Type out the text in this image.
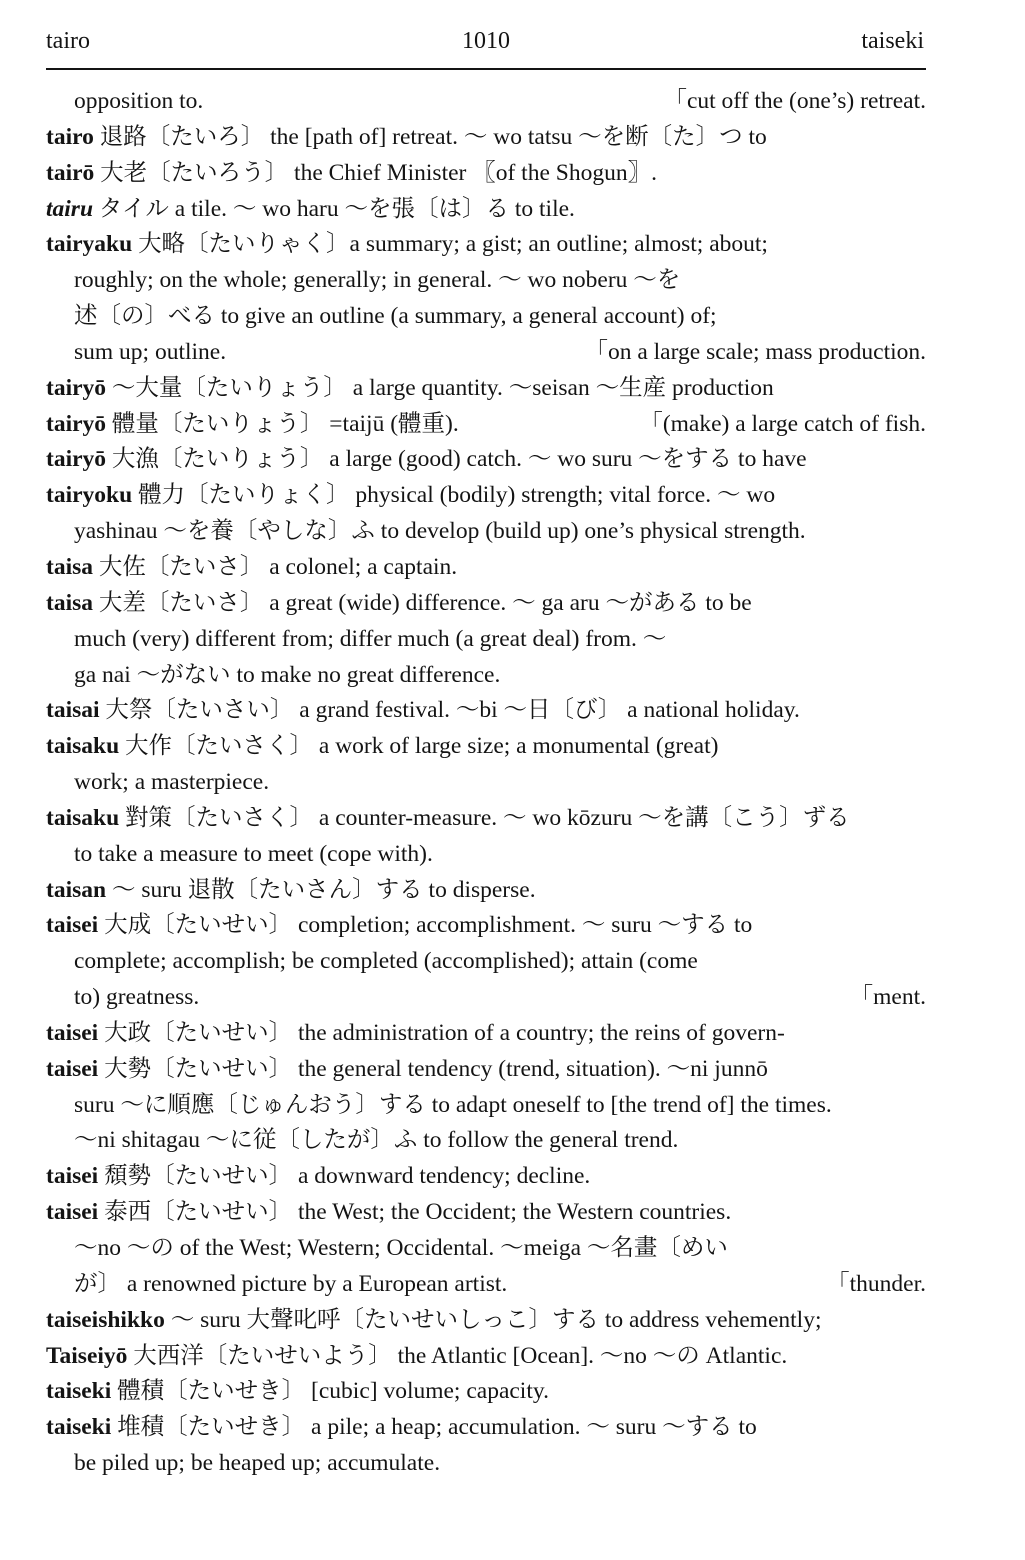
tairo	1010	taiseki
opposition to.	「cut off the (one’s) retreat.
tairo 退路〔たいろ〕 the [path of] retreat. 〜 wo tatsu 〜を断〔た〕つ to
tairō 大老〔たいろう〕 the Chief Minister 〖of the Shogun〗.
tairu タイル a tile. 〜 wo haru 〜を張〔は〕る to tile.
tairyaku 大略〔たいりゃく〕a summary; a gist; an outline; almost; about;
roughly; on the whole; generally; in general. 〜 wo noberu 〜を
述〔の〕べる to give an outline (a summary, a general account) of;
sum up; outline.	「on a large scale; mass production.
tairyō 〜大量〔たいりょう〕 a large quantity. 〜seisan 〜生産 production
tairyō 體量〔たいりょう〕 =taijū (體重).	「(make) a large catch of fish.
tairyō 大漁〔たいりょう〕 a large (good) catch. 〜 wo suru 〜をする to have
tairyoku 體力〔たいりょく〕 physical (bodily) strength; vital force. 〜 wo
yashinau 〜を養〔やしな〕ふ to develop (build up) one’s physical strength.
taisa 大佐〔たいさ〕 a colonel; a captain.
taisa 大差〔たいさ〕 a great (wide) difference. 〜 ga aru 〜がある to be
much (very) different from; differ much (a great deal) from. 〜
ga nai 〜がない to make no great difference.
taisai 大祭〔たいさい〕 a grand festival. 〜bi 〜日〔び〕 a national holiday.
taisaku 大作〔たいさく〕 a work of large size; a monumental (great)
work; a masterpiece.
taisaku 對策〔たいさく〕 a counter-measure. 〜 wo kōzuru 〜を講〔こう〕ずる
to take a measure to meet (cope with).
taisan 〜 suru 退散〔たいさん〕する to disperse.
taisei 大成〔たいせい〕 completion; accomplishment. 〜 suru 〜する to
complete; accomplish; be completed (accomplished); attain (come
to) greatness.	「ment.
taisei 大政〔たいせい〕 the administration of a country; the reins of govern-
taisei 大勢〔たいせい〕 the general tendency (trend, situation). 〜ni junnō
suru 〜に順應〔じゅんおう〕する to adapt oneself to [the trend of] the times.
〜ni shitagau 〜に従〔したが〕ふ to follow the general trend.
taisei 頹勢〔たいせい〕 a downward tendency; decline.
taisei 泰西〔たいせい〕 the West; the Occident; the Western countries.
〜no 〜の of the West; Western; Occidental. 〜meiga 〜名畫〔めい
が〕 a renowned picture by a European artist.	「thunder.
taiseishikko 〜 suru 大聲叱呼〔たいせいしっこ〕する to address vehemently;
Taiseiyō 大西洋〔たいせいよう〕 the Atlantic [Ocean]. 〜no 〜の Atlantic.
taiseki 體積〔たいせき〕 [cubic] volume; capacity.
taiseki 堆積〔たいせき〕 a pile; a heap; accumulation. 〜 suru 〜する to
be piled up; be heaped up; accumulate.
